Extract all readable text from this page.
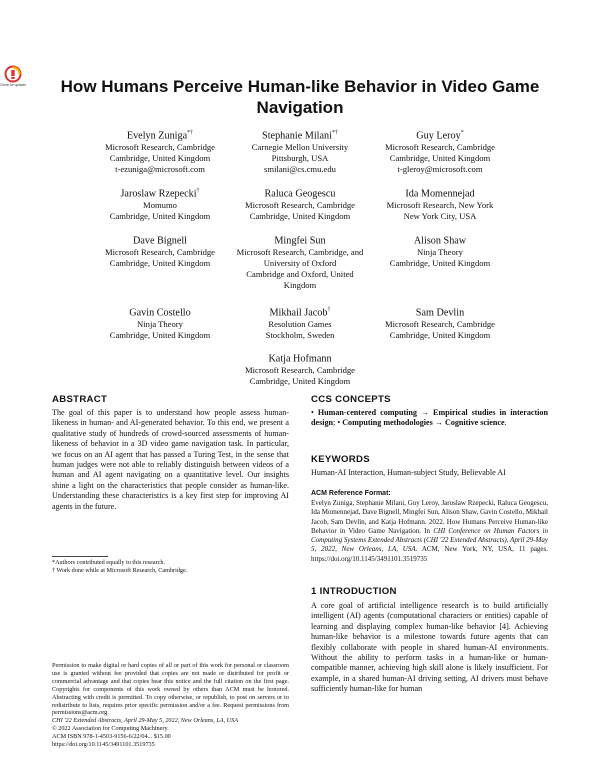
Check for updates How Humans Perceive Human-like Behavior in Video Game Navigation
Evelyn Zuniga*†
Microsoft Research, Cambridge
Cambridge, United Kingdom
t-ezuniga@microsoft.com
Stephanie Milani*†
Carnegie Mellon University
Pittsburgh, USA
smilani@cs.cmu.edu
Guy Leroy*
Microsoft Research, Cambridge
Cambridge, United Kingdom
t-gleroy@microsoft.com
Jaroslaw Rzepecki†
Momumo
Cambridge, United Kingdom
Raluca Geogescu
Microsoft Research, Cambridge
Cambridge, United Kingdom
Ida Momennejad
Microsoft Research, New York
New York City, USA
Dave Bignell
Microsoft Research, Cambridge
Cambridge, United Kingdom
Mingfei Sun
Microsoft Research, Cambridge, and
University of Oxford
Cambridge and Oxford, United
Kingdom
Alison Shaw
Ninja Theory
Cambridge, United Kingdom
Gavin Costello
Ninja Theory
Cambridge, United Kingdom
Mikhail Jacob†
Resolution Games
Stockholm, Sweden
Sam Devlin
Microsoft Research, Cambridge
Cambridge, United Kingdom
Katja Hofmann
Microsoft Research, Cambridge
Cambridge, United Kingdom
ABSTRACT
The goal of this paper is to understand how people assess human-likeness in human- and AI-generated behavior. To this end, we present a qualitative study of hundreds of crowd-sourced assessments of human-likeness of behavior in a 3D video game navigation task. In particular, we focus on an AI agent that has passed a Turing Test, in the sense that human judges were not able to reliably distinguish between videos of a human and AI agent navigating on a quantitative level. Our insights shine a light on the characteristics that people consider as human-like. Understanding these characteristics is a key first step for improving AI agents in the future.
*Authors contributed equally to this research.
† Work done while at Microsoft Research, Cambridge.
Permission to make digital or hard copies of all or part of this work for personal or classroom use is granted without fee provided that copies are not made or distributed for profit or commercial advantage and that copies bear this notice and the full citation on the first page. Copyrights for components of this work owned by others than ACM must be honored. Abstracting with credit is permitted. To copy otherwise, or republish, to post on servers or to redistribute to lists, requires prior specific permission and/or a fee. Request permissions from permissions@acm.org.
CHI '22 Extended Abstracts, April 29-May 5, 2022, New Orleans, LA, USA
© 2022 Association for Computing Machinery.
ACM ISBN 978-1-4503-9156-6/22/04... $15.00
https://doi.org/10.1145/3491101.3519735
CCS CONCEPTS
• Human-centered computing → Empirical studies in interaction design; • Computing methodologies → Cognitive science.
KEYWORDS
Human-AI Interaction, Human-subject Study, Believable AI
ACM Reference Format:
Evelyn Zuniga, Stephanie Milani, Guy Leroy, Jaroslaw Rzepecki, Raluca Geogescu, Ida Momennejad, Dave Bignell, Mingfei Sun, Alison Shaw, Gavin Costello, Mikhail Jacob, Sam Devlin, and Katja Hofmann. 2022. How Humans Perceive Human-like Behavior in Video Game Navigation. In CHI Conference on Human Factors in Computing Systems Extended Abstracts (CHI '22 Extended Abstracts), April 29-May 5, 2022, New Orleans, LA, USA. ACM, New York, NY, USA, 11 pages. https://doi.org/10.1145/3491101.3519735
1 INTRODUCTION
A core goal of artificial intelligence research is to build artificially intelligent (AI) agents (computational characters or entities) capable of learning and displaying complex human-like behavior [4]. Achieving human-like behavior is a milestone towards future agents that can flexibly collaborate with people in shared human-AI environments. Without the ability to perform tasks in a human-like or human-compatible manner, achieving high skill alone is likely insufficient. For example, in a shared human-AI driving setting, AI drivers must behave sufficiently human-like for human
